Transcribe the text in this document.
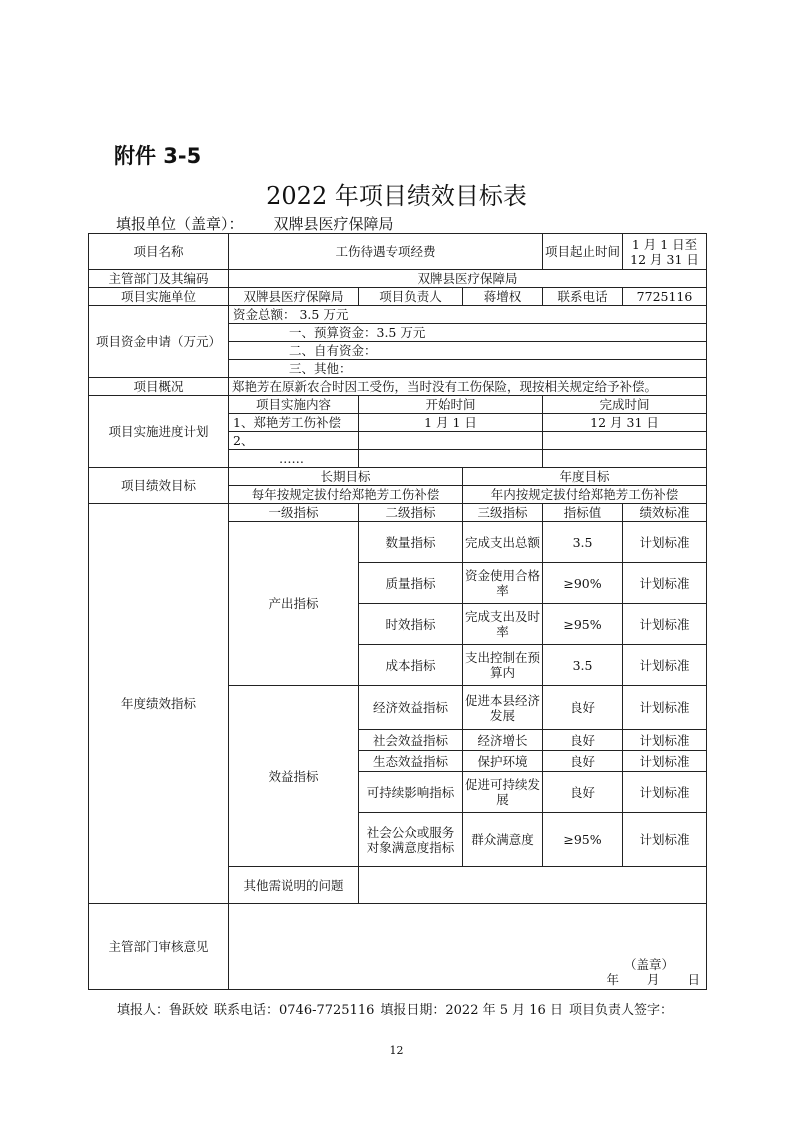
附件 3-5
2022 年项目绩效目标表
填报单位（盖章）： 双牌县医疗保障局
项目名称	工伤待遇专项经费			项目起止时间	1 月 1 日至 12 月 31 日
主管部门及其编码	双牌县医疗保障局				
项目实施单位	双牌县医疗保障局	项目负责人	蒋增权	联系电话	7725116
项目资金申请（万元）	资金总额： 3.5 万元				
	一、预算资金：3.5 万元				
	二、自有资金：				
	三、其他：				
项目概况	郑艳芳在原新农合时因工受伤，当时没有工伤保险，现按相关规定给予补偿。				
项目实施进度计划	项目实施内容	开始时间		完成时间	
	1、郑艳芳工伤补偿	1 月 1 日		12 月 31 日	
	2、				
	……				
项目绩效目标	长期目标		年度目标		
	每年按规定拔付给郑艳芳工伤补偿		年内按规定拔付给郑艳芳工伤补偿		
年度绩效指标	一级指标	二级指标	三级指标	指标值	绩效标准
	产出指标	数量指标	完成支出总额	3.5	计划标准
		质量指标	资金使用合格率	≥90%	计划标准
		时效指标	完成支出及时率	≥95%	计划标准
		成本指标	支出控制在预算内	3.5	计划标准
	效益指标	经济效益指标	促进本县经济发展	良好	计划标准
		社会效益指标	经济增长	良好	计划标准
		生态效益指标	保护环境	良好	计划标准
		可持续影响指标	促进可持续发展	良好	计划标准
		社会公众或服务对象满意度指标	群众满意度	≥95%	计划标准
	其他需说明的问题				
主管部门审核意见	（盖章）
年 月 日				
填报人：鲁跃姣 联系电话：0746-7725116 填报日期：2022 年 5 月 16 日 项目负责人签字：
12
